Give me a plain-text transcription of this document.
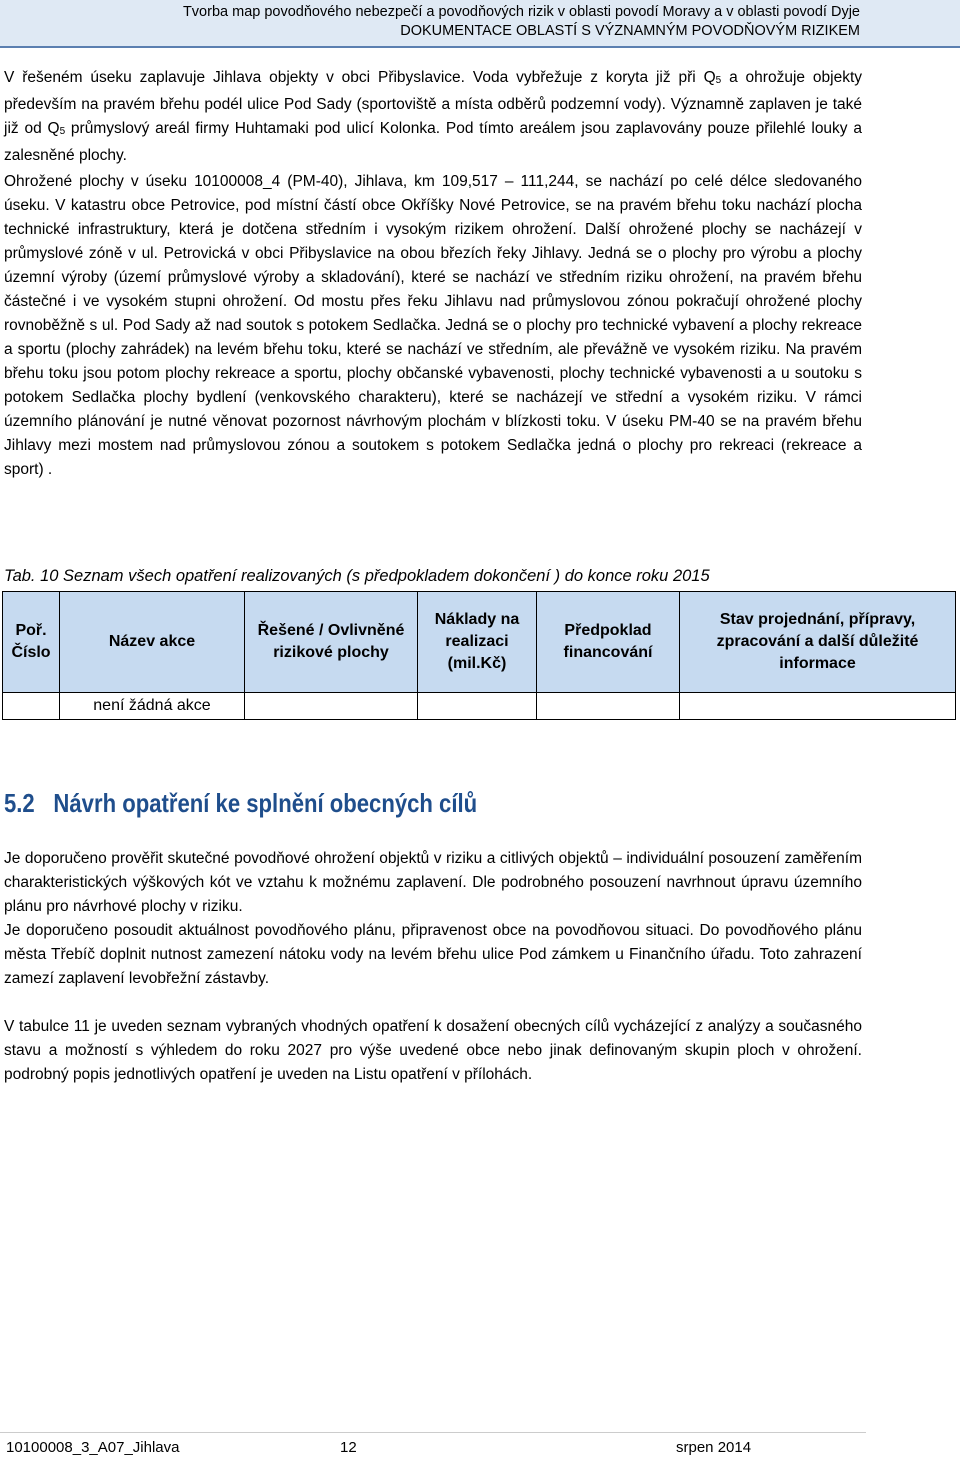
Tvorba map povodňového nebezpečí a povodňových rizik v oblasti povodí Moravy a v oblasti povodí Dyje
DOKUMENTACE OBLASTÍ S VÝZNAMNÝM POVODŇOVÝM RIZIKEM

V řešeném úseku zaplavuje Jihlava objekty v obci Přibyslavice. Voda vybřežuje z koryta již při $Q_5$ a ohrožuje objekty především na pravém břehu podél ulice Pod Sady (sportoviště a místa odběrů podzemní vody). Významně zaplaven je také již od $Q_5$ průmyslový areál firmy Huhtamaki pod ulicí Kolonka. Pod tímto areálem jsou zaplavovány pouze přilehlé louky a zalesněné plochy.

Ohrožené plochy v úseku 10100008_4 (PM-40), Jihlava, km 109,517 – 111,244, se nachází po celé délce sledovaného úseku. V katastru obce Petrovice, pod místní částí obce Okříšky Nové Petrovice, se na pravém břehu toku nachází plocha technické infrastruktury, která je dotčena středním i vysokým rizikem ohrožení. Další ohrožené plochy se nacházejí v průmyslové zóně v ul. Petrovická v obci Přibyslavice na obou březích řeky Jihlavy. Jedná se o plochy pro výrobu a plochy územní výroby (území průmyslové výroby a skladování), které se nachází ve středním riziku ohrožení, na pravém břehu částečné i ve vysokém stupni ohrožení. Od mostu přes řeku Jihlavu nad průmyslovou zónou pokračují ohrožené plochy rovnoběžně s ul. Pod Sady až nad soutok s potokem Sedlačka. Jedná se o plochy pro technické vybavení a plochy rekreace a sportu (plochy zahrádek) na levém břehu toku, které se nachází ve středním, ale převážně ve vysokém riziku. Na pravém břehu toku jsou potom plochy rekreace a sportu, plochy občanské vybavenosti, plochy technické vybavenosti a u soutoku s potokem Sedlačka plochy bydlení (venkovského charakteru), které se nacházejí ve střední a vysokém riziku. V rámci územního plánování je nutné věnovat pozornost návrhovým plochám v blízkosti toku. V úseku PM-40 se na pravém břehu Jihlavy mezi mostem nad průmyslovou zónou a soutokem s potokem Sedlačka jedná o plochy pro rekreaci (rekreace a sport) .

Tab. 10 Seznam všech opatření realizovaných (s předpokladem dokončení ) do konce roku 2015
Poř. Číslo	Název akce	Řešené / Ovlivněné rizikové plochy	Náklady na realizaci (mil.Kč)	Předpoklad financování	Stav projednání, přípravy, zpracování a další důležité informace
	není žádná akce				
5.2 Návrh opatření ke splnění obecných cílů
Je doporučeno prověřit skutečné povodňové ohrožení objektů v riziku a citlivých objektů – individuální posouzení zaměřením charakteristických výškových kót ve vztahu k možnému zaplavení. Dle podrobného posouzení navrhnout úpravu územního plánu pro návrhové plochy v riziku.
Je doporučeno posoudit aktuálnost povodňového plánu, připravenost obce na povodňovou situaci. Do povodňového plánu města Třebíč doplnit nutnost zamezení nátoku vody na levém břehu ulice Pod zámkem u Finančního úřadu. Toto zahrazení zamezí zaplavení levobřežní zástavby.

V tabulce 11 je uveden seznam vybraných vhodných opatření k dosažení obecných cílů vycházející z analýzy a současného stavu a možností s výhledem do roku 2027 pro výše uvedené obce nebo jinak definovaným skupin ploch v ohrožení. podrobný popis jednotlivých opatření je uveden na Listu opatření v přílohách.

10100008_3_A07_Jihlava	12	srpen 2014
